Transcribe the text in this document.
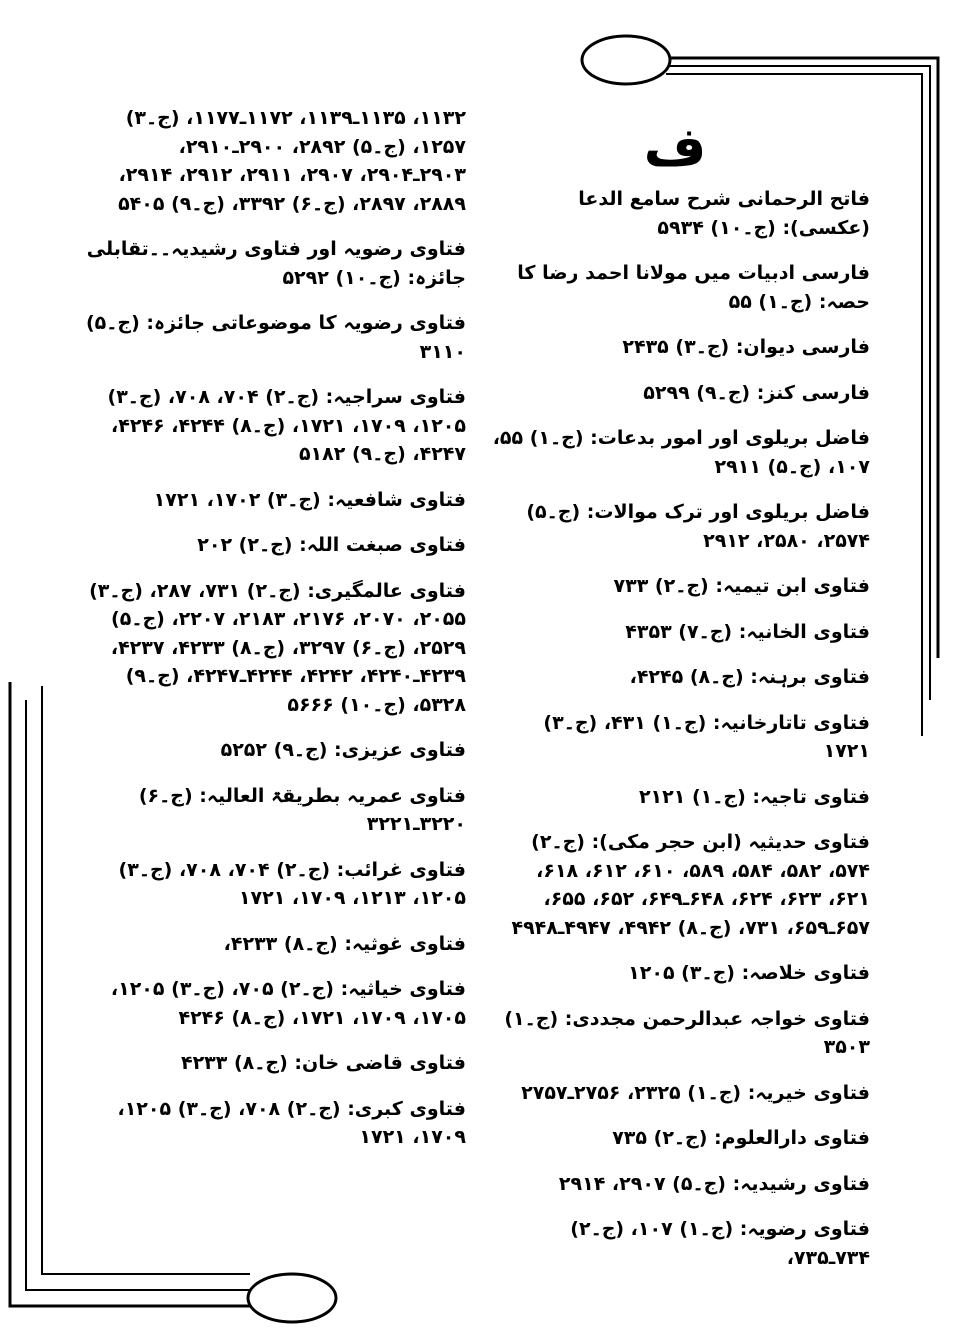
ف
فاتح الرحمانی شرح سامع الدعا (عکسی): (ج۔۱۰) ۵۹۳۴
فارسی ادبیات میں مولانا احمد رضا کا حصہ: (ج۔۱) ۵۵
فارسی دیوان: (ج۔۳) ۲۴۳۵
فارسی کنز: (ج۔۹) ۵۲۹۹
فاضل بریلوی اور امور بدعات: (ج۔۱) ۵۵، ۱۰۷، (ج۔۵) ۲۹۱۱
فاضل بریلوی اور ترک موالات: (ج۔۵) ۲۵۷۴، ۲۵۸۰، ۲۹۱۲
فتاوی ابن تیمیہ: (ج۔۲) ۷۳۳
فتاوی الخانیہ: (ج۔۷) ۴۳۵۳
فتاوی برہنہ: (ج۔۸) ۴۲۴۵،
فتاوی تاتارخانیہ: (ج۔۱) ۴۳۱، (ج۔۳) ۱۷۲۱
فتاوی تاجیہ: (ج۔۱) ۲۱۲۱
فتاوی حدیثیہ (ابن حجر مکی): (ج۔۲) ۵۷۴، ۵۸۲، ۵۸۴، ۵۸۹، ۶۱۰، ۶۱۲، ۶۱۸، ۶۲۱، ۶۲۳، ۶۲۴، ۶۴۸ـ۶۴۹، ۶۵۲، ۶۵۵، ۶۵۷ـ۶۵۹، ۷۳۱، (ج۔۸) ۴۹۴۲، ۴۹۴۷ـ۴۹۴۸
فتاوی خلاصہ: (ج۔۳) ۱۲۰۵
فتاوی خواجہ عبدالرحمن مجددی: (ج۔۱) ۳۵۰۳
فتاوی خیریہ: (ج۔۱) ۲۳۲۵، ۲۷۵۶ـ۲۷۵۷
فتاوی دارالعلوم: (ج۔۲) ۷۳۵
فتاوی رشیدیہ: (ج۔۵) ۲۹۰۷، ۲۹۱۴
فتاوی رضویہ: (ج۔۱) ۱۰۷، (ج۔۲) ۷۳۴ـ۷۳۵،
۱۱۳۲، ۱۱۳۵ـ۱۱۳۹، ۱۱۷۲ـ۱۱۷۷، (ج۔۳) ۱۲۵۷، (ج۔۵) ۲۸۹۲، ۲۹۰۰ـ۲۹۱۰، ۲۹۰۳ـ۲۹۰۴، ۲۹۰۷، ۲۹۱۱، ۲۹۱۲، ۲۹۱۴، ۲۸۸۹، ۲۸۹۷، (ج۔۶) ۳۳۹۲، (ج۔۹) ۵۴۰۵
فتاوی رضویہ اور فتاوی رشیدیہ۔۔تقابلی جائزہ: (ج۔۱۰) ۵۲۹۲
فتاوی رضویہ کا موضوعاتی جائزہ: (ج۔۵) ۳۱۱۰
فتاوی سراجیہ: (ج۔۲) ۷۰۴، ۷۰۸، (ج۔۳) ۱۲۰۵، ۱۷۰۹، ۱۷۲۱، (ج۔۸) ۴۲۴۴، ۴۲۴۶، ۴۲۴۷، (ج۔۹) ۵۱۸۲
فتاوی شافعیہ: (ج۔۳) ۱۷۰۲، ۱۷۲۱
فتاوی صبغت اللہ: (ج۔۲) ۲۰۲
فتاوی عالمگیری: (ج۔۲) ۷۳۱، ۲۸۷، (ج۔۳) ۲۰۵۵، ۲۰۷۰، ۲۱۷۶، ۲۱۸۳، ۲۲۰۷، (ج۔۵) ۲۵۲۹، (ج۔۶) ۳۲۹۷، (ج۔۸) ۴۲۳۳، ۴۲۳۷، ۴۲۳۹ـ۴۲۴۰، ۴۲۴۲، ۴۲۴۴ـ۴۲۴۷، (ج۔۹) ۵۳۲۸، (ج۔۱۰) ۵۶۶۶
فتاوی عزیزی: (ج۔۹) ۵۲۵۲
فتاوی عمریہ بطریقۃ العالیہ: (ج۔۶) ۳۲۲۰ـ۳۲۲۱
فتاوی غرائب: (ج۔۲) ۷۰۴، ۷۰۸، (ج۔۳) ۱۲۰۵، ۱۲۱۳، ۱۷۰۹، ۱۷۲۱
فتاوی غوثیہ: (ج۔۸) ۴۲۳۳،
فتاوی خیاثیہ: (ج۔۲) ۷۰۵، (ج۔۳) ۱۲۰۵، ۱۷۰۵، ۱۷۰۹، ۱۷۲۱، (ج۔۸) ۴۲۴۶
فتاوی قاضی خان: (ج۔۸) ۴۲۳۳
فتاوی کبری: (ج۔۲) ۷۰۸، (ج۔۳) ۱۲۰۵، ۱۷۰۹، ۱۷۲۱
